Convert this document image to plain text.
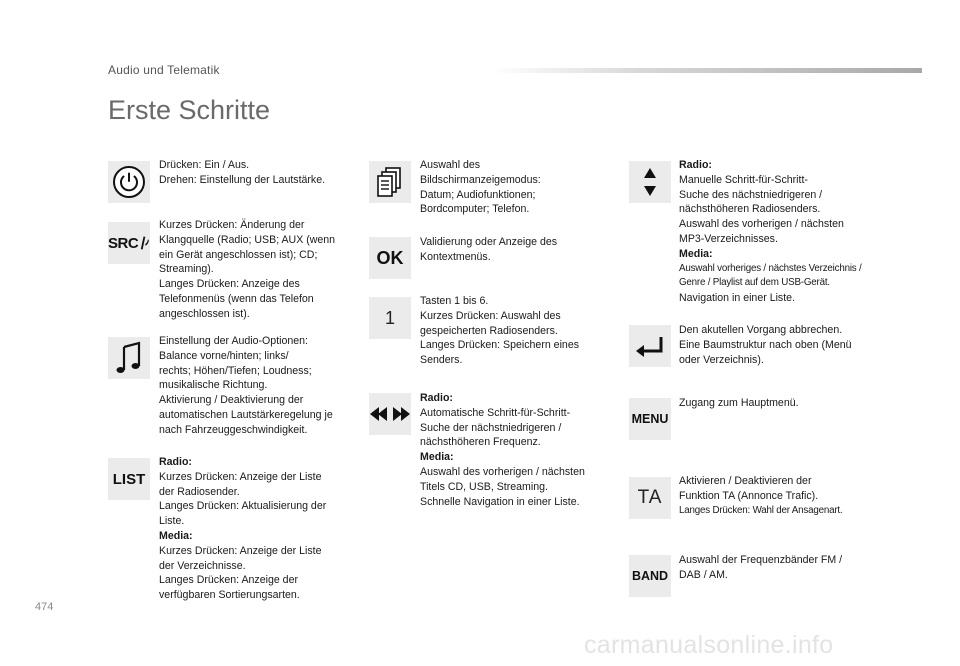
Audio und Telematik
Erste Schritte
Drücken: Ein / Aus.
Drehen: Einstellung der Lautstärke.
SRC
Kurzes Drücken: Änderung der
Klangquelle (Radio; USB; AUX (wenn
ein Gerät angeschlossen ist); CD;
Streaming).
Langes Drücken: Anzeige des
Telefonmenüs (wenn das Telefon
angeschlossen ist).
Einstellung der Audio-Optionen:
Balance vorne/hinten; links/
rechts; Höhen/Tiefen; Loudness;
musikalische Richtung.
Aktivierung / Deaktivierung der
automatischen Lautstärkeregelung je
nach Fahrzeuggeschwindigkeit.
LIST
Radio:
Kurzes Drücken: Anzeige der Liste
der Radiosender.
Langes Drücken: Aktualisierung der
Liste.
Media:
Kurzes Drücken: Anzeige der Liste
der Verzeichnisse.
Langes Drücken: Anzeige der
verfügbaren Sortierungsarten.
Auswahl des
Bildschirmanzeigemodus:
Datum; Audiofunktionen;
Bordcomputer; Telefon.
OK
Validierung oder Anzeige des
Kontextmenüs.
1
Tasten 1 bis 6.
Kurzes Drücken: Auswahl des
gespeicherten Radiosenders.
Langes Drücken: Speichern eines
Senders.
Radio:
Automatische Schritt-für-Schritt-
Suche der nächstniedrigeren /
nächsthöheren Frequenz.
Media:
Auswahl des vorherigen / nächsten
Titels CD, USB, Streaming.
Schnelle Navigation in einer Liste.
Radio:
Manuelle Schritt-für-Schritt-
Suche des nächstniedrigeren /
nächsthöheren Radiosenders.
Auswahl des vorherigen / nächsten
MP3-Verzeichnisses.
Media:
Auswahl vorheriges / nächstes Verzeichnis /
Genre / Playlist auf dem USB-Gerät.
Navigation in einer Liste.
Den akutellen Vorgang abbrechen.
Eine Baumstruktur nach oben (Menü
oder Verzeichnis).
MENU
Zugang zum Hauptmenü.
TA
Aktivieren / Deaktivieren der
Funktion TA (Annonce Trafic).
Langes Drücken: Wahl der Ansagenart.
BAND
Auswahl der Frequenzbänder FM /
DAB / AM.
474
carmanualsonline.info
